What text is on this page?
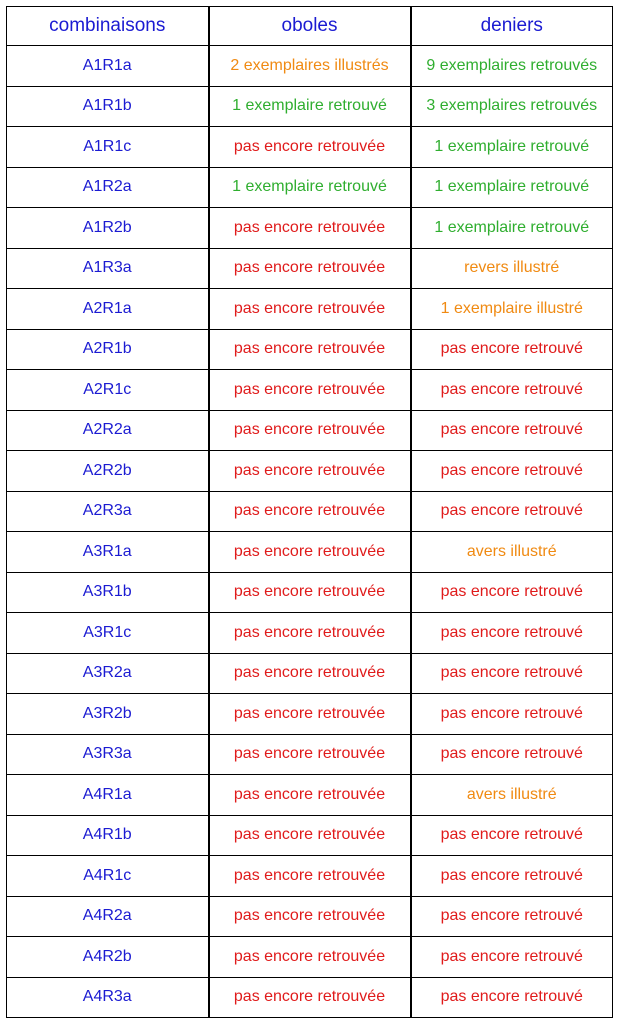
combinaisons	oboles	deniers
A1R1a	2 exemplaires illustrés	9 exemplaires retrouvés
A1R1b	1 exemplaire retrouvé	3 exemplaires retrouvés
A1R1c	pas encore retrouvée	1 exemplaire retrouvé
A1R2a	1 exemplaire retrouvé	1 exemplaire retrouvé
A1R2b	pas encore retrouvée	1 exemplaire retrouvé
A1R3a	pas encore retrouvée	revers illustré
A2R1a	pas encore retrouvée	1 exemplaire illustré
A2R1b	pas encore retrouvée	pas encore retrouvé
A2R1c	pas encore retrouvée	pas encore retrouvé
A2R2a	pas encore retrouvée	pas encore retrouvé
A2R2b	pas encore retrouvée	pas encore retrouvé
A2R3a	pas encore retrouvée	pas encore retrouvé
A3R1a	pas encore retrouvée	avers illustré
A3R1b	pas encore retrouvée	pas encore retrouvé
A3R1c	pas encore retrouvée	pas encore retrouvé
A3R2a	pas encore retrouvée	pas encore retrouvé
A3R2b	pas encore retrouvée	pas encore retrouvé
A3R3a	pas encore retrouvée	pas encore retrouvé
A4R1a	pas encore retrouvée	avers illustré
A4R1b	pas encore retrouvée	pas encore retrouvé
A4R1c	pas encore retrouvée	pas encore retrouvé
A4R2a	pas encore retrouvée	pas encore retrouvé
A4R2b	pas encore retrouvée	pas encore retrouvé
A4R3a	pas encore retrouvée	pas encore retrouvé
